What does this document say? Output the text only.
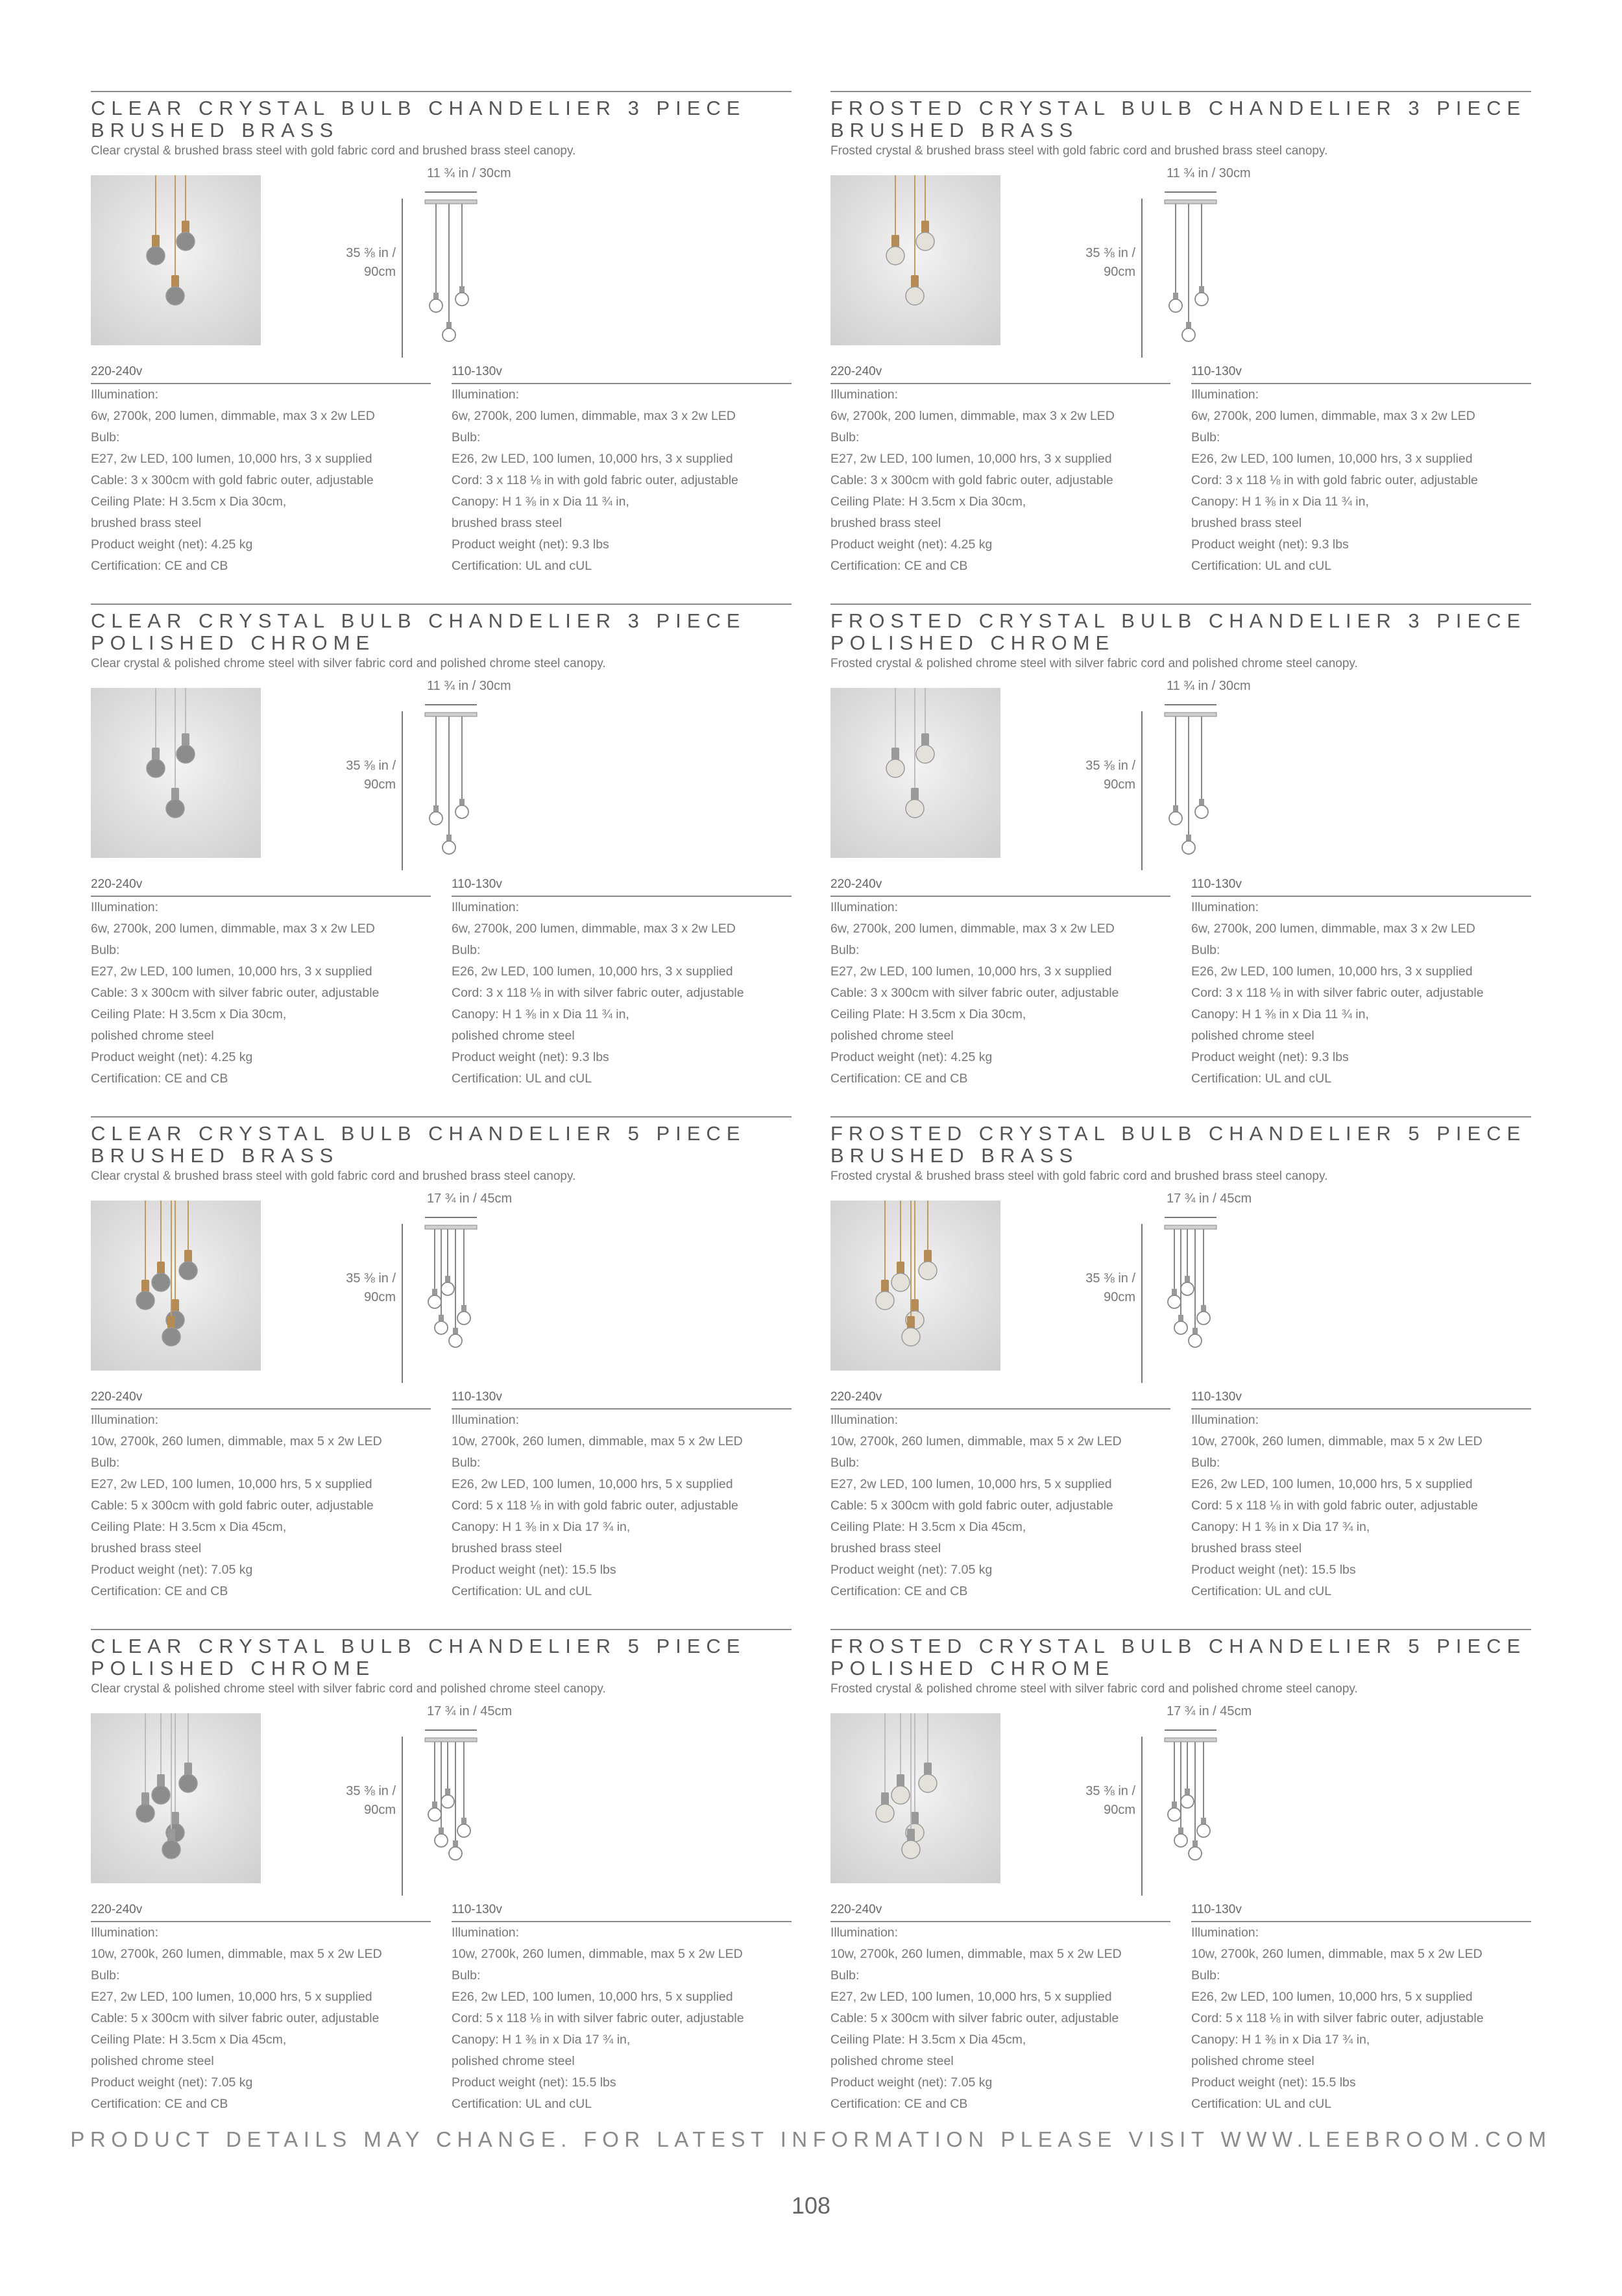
CLEAR CRYSTAL BULB CHANDELIER 3 PIECE
BRUSHED BRASS
Clear crystal & brushed brass steel with gold fabric cord and brushed brass steel canopy.
11 ¾ in / 30cm
35 ⅜ in /
90cm
220-240v
Illumination:
6w, 2700k, 200 lumen, dimmable, max 3 x 2w LED
Bulb:
E27, 2w LED, 100 lumen, 10,000 hrs, 3 x supplied
Cable: 3 x 300cm with gold fabric outer, adjustable
Ceiling Plate: H 3.5cm x Dia 30cm,
brushed brass steel
Product weight (net): 4.25 kg
Certification: CE and CB
110-130v
Illumination:
6w, 2700k, 200 lumen, dimmable, max 3 x 2w LED
Bulb:
E26, 2w LED, 100 lumen, 10,000 hrs, 3 x supplied
Cord: 3 x 118 ⅛ in with gold fabric outer, adjustable
Canopy: H 1 ⅜ in x Dia 11 ¾ in,
brushed brass steel
Product weight (net): 9.3 lbs
Certification: UL and cUL
FROSTED CRYSTAL BULB CHANDELIER 3 PIECE
BRUSHED BRASS
Frosted crystal & brushed brass steel with gold fabric cord and brushed brass steel canopy.
11 ¾ in / 30cm
35 ⅜ in /
90cm
220-240v
Illumination:
6w, 2700k, 200 lumen, dimmable, max 3 x 2w LED
Bulb:
E27, 2w LED, 100 lumen, 10,000 hrs, 3 x supplied
Cable: 3 x 300cm with gold fabric outer, adjustable
Ceiling Plate: H 3.5cm x Dia 30cm,
brushed brass steel
Product weight (net): 4.25 kg
Certification: CE and CB
110-130v
Illumination:
6w, 2700k, 200 lumen, dimmable, max 3 x 2w LED
Bulb:
E26, 2w LED, 100 lumen, 10,000 hrs, 3 x supplied
Cord: 3 x 118 ⅛ in with gold fabric outer, adjustable
Canopy: H 1 ⅜ in x Dia 11 ¾ in,
brushed brass steel
Product weight (net): 9.3 lbs
Certification: UL and cUL
CLEAR CRYSTAL BULB CHANDELIER 3 PIECE
POLISHED CHROME
Clear crystal & polished chrome steel with silver fabric cord and polished chrome steel canopy.
11 ¾ in / 30cm
35 ⅜ in /
90cm
220-240v
Illumination:
6w, 2700k, 200 lumen, dimmable, max 3 x 2w LED
Bulb:
E27, 2w LED, 100 lumen, 10,000 hrs, 3 x supplied
Cable: 3 x 300cm with silver fabric outer, adjustable
Ceiling Plate: H 3.5cm x Dia 30cm,
polished chrome steel
Product weight (net): 4.25 kg
Certification: CE and CB
110-130v
Illumination:
6w, 2700k, 200 lumen, dimmable, max 3 x 2w LED
Bulb:
E26, 2w LED, 100 lumen, 10,000 hrs, 3 x supplied
Cord: 3 x 118 ⅛ in with silver fabric outer, adjustable
Canopy: H 1 ⅜ in x Dia 11 ¾ in,
polished chrome steel
Product weight (net): 9.3 lbs
Certification: UL and cUL
FROSTED CRYSTAL BULB CHANDELIER 3 PIECE
POLISHED CHROME
Frosted crystal & polished chrome steel with silver fabric cord and polished chrome steel canopy.
11 ¾ in / 30cm
35 ⅜ in /
90cm
220-240v
Illumination:
6w, 2700k, 200 lumen, dimmable, max 3 x 2w LED
Bulb:
E27, 2w LED, 100 lumen, 10,000 hrs, 3 x supplied
Cable: 3 x 300cm with silver fabric outer, adjustable
Ceiling Plate: H 3.5cm x Dia 30cm,
polished chrome steel
Product weight (net): 4.25 kg
Certification: CE and CB
110-130v
Illumination:
6w, 2700k, 200 lumen, dimmable, max 3 x 2w LED
Bulb:
E26, 2w LED, 100 lumen, 10,000 hrs, 3 x supplied
Cord: 3 x 118 ⅛ in with silver fabric outer, adjustable
Canopy: H 1 ⅜ in x Dia 11 ¾ in,
polished chrome steel
Product weight (net): 9.3 lbs
Certification: UL and cUL
CLEAR CRYSTAL BULB CHANDELIER 5 PIECE
BRUSHED BRASS
Clear crystal & brushed brass steel with gold fabric cord and brushed brass steel canopy.
17 ¾ in / 45cm
35 ⅜ in /
90cm
220-240v
Illumination:
10w, 2700k, 260 lumen, dimmable, max 5 x 2w LED
Bulb:
E27, 2w LED, 100 lumen, 10,000 hrs, 5 x supplied
Cable: 5 x 300cm with gold fabric outer, adjustable
Ceiling Plate: H 3.5cm x Dia 45cm,
brushed brass steel
Product weight (net): 7.05 kg
Certification: CE and CB
110-130v
Illumination:
10w, 2700k, 260 lumen, dimmable, max 5 x 2w LED
Bulb:
E26, 2w LED, 100 lumen, 10,000 hrs, 5 x supplied
Cord: 5 x 118 ⅛ in with gold fabric outer, adjustable
Canopy: H 1 ⅜ in x Dia 17 ¾ in,
brushed brass steel
Product weight (net): 15.5 lbs
Certification: UL and cUL
FROSTED CRYSTAL BULB CHANDELIER 5 PIECE
BRUSHED BRASS
Frosted crystal & brushed brass steel with gold fabric cord and brushed brass steel canopy.
17 ¾ in / 45cm
35 ⅜ in /
90cm
220-240v
Illumination:
10w, 2700k, 260 lumen, dimmable, max 5 x 2w LED
Bulb:
E27, 2w LED, 100 lumen, 10,000 hrs, 5 x supplied
Cable: 5 x 300cm with gold fabric outer, adjustable
Ceiling Plate: H 3.5cm x Dia 45cm,
brushed brass steel
Product weight (net): 7.05 kg
Certification: CE and CB
110-130v
Illumination:
10w, 2700k, 260 lumen, dimmable, max 5 x 2w LED
Bulb:
E26, 2w LED, 100 lumen, 10,000 hrs, 5 x supplied
Cord: 5 x 118 ⅛ in with gold fabric outer, adjustable
Canopy: H 1 ⅜ in x Dia 17 ¾ in,
brushed brass steel
Product weight (net): 15.5 lbs
Certification: UL and cUL
CLEAR CRYSTAL BULB CHANDELIER 5 PIECE
POLISHED CHROME
Clear crystal & polished chrome steel with silver fabric cord and polished chrome steel canopy.
17 ¾ in / 45cm
35 ⅜ in /
90cm
220-240v
Illumination:
10w, 2700k, 260 lumen, dimmable, max 5 x 2w LED
Bulb:
E27, 2w LED, 100 lumen, 10,000 hrs, 5 x supplied
Cable: 5 x 300cm with silver fabric outer, adjustable
Ceiling Plate: H 3.5cm x Dia 45cm,
polished chrome steel
Product weight (net): 7.05 kg
Certification: CE and CB
110-130v
Illumination:
10w, 2700k, 260 lumen, dimmable, max 5 x 2w LED
Bulb:
E26, 2w LED, 100 lumen, 10,000 hrs, 5 x supplied
Cord: 5 x 118 ⅛ in with silver fabric outer, adjustable
Canopy: H 1 ⅜ in x Dia 17 ¾ in,
polished chrome steel
Product weight (net): 15.5 lbs
Certification: UL and cUL
FROSTED CRYSTAL BULB CHANDELIER 5 PIECE
POLISHED CHROME
Frosted crystal & polished chrome steel with silver fabric cord and polished chrome steel canopy.
17 ¾ in / 45cm
35 ⅜ in /
90cm
220-240v
Illumination:
10w, 2700k, 260 lumen, dimmable, max 5 x 2w LED
Bulb:
E27, 2w LED, 100 lumen, 10,000 hrs, 5 x supplied
Cable: 5 x 300cm with silver fabric outer, adjustable
Ceiling Plate: H 3.5cm x Dia 45cm,
polished chrome steel
Product weight (net): 7.05 kg
Certification: CE and CB
110-130v
Illumination:
10w, 2700k, 260 lumen, dimmable, max 5 x 2w LED
Bulb:
E26, 2w LED, 100 lumen, 10,000 hrs, 5 x supplied
Cord: 5 x 118 ⅛ in with silver fabric outer, adjustable
Canopy: H 1 ⅜ in x Dia 17 ¾ in,
polished chrome steel
Product weight (net): 15.5 lbs
Certification: UL and cUL
PRODUCT DETAILS MAY CHANGE. FOR LATEST INFORMATION PLEASE VISIT WWW.LEEBROOM.COM
108
